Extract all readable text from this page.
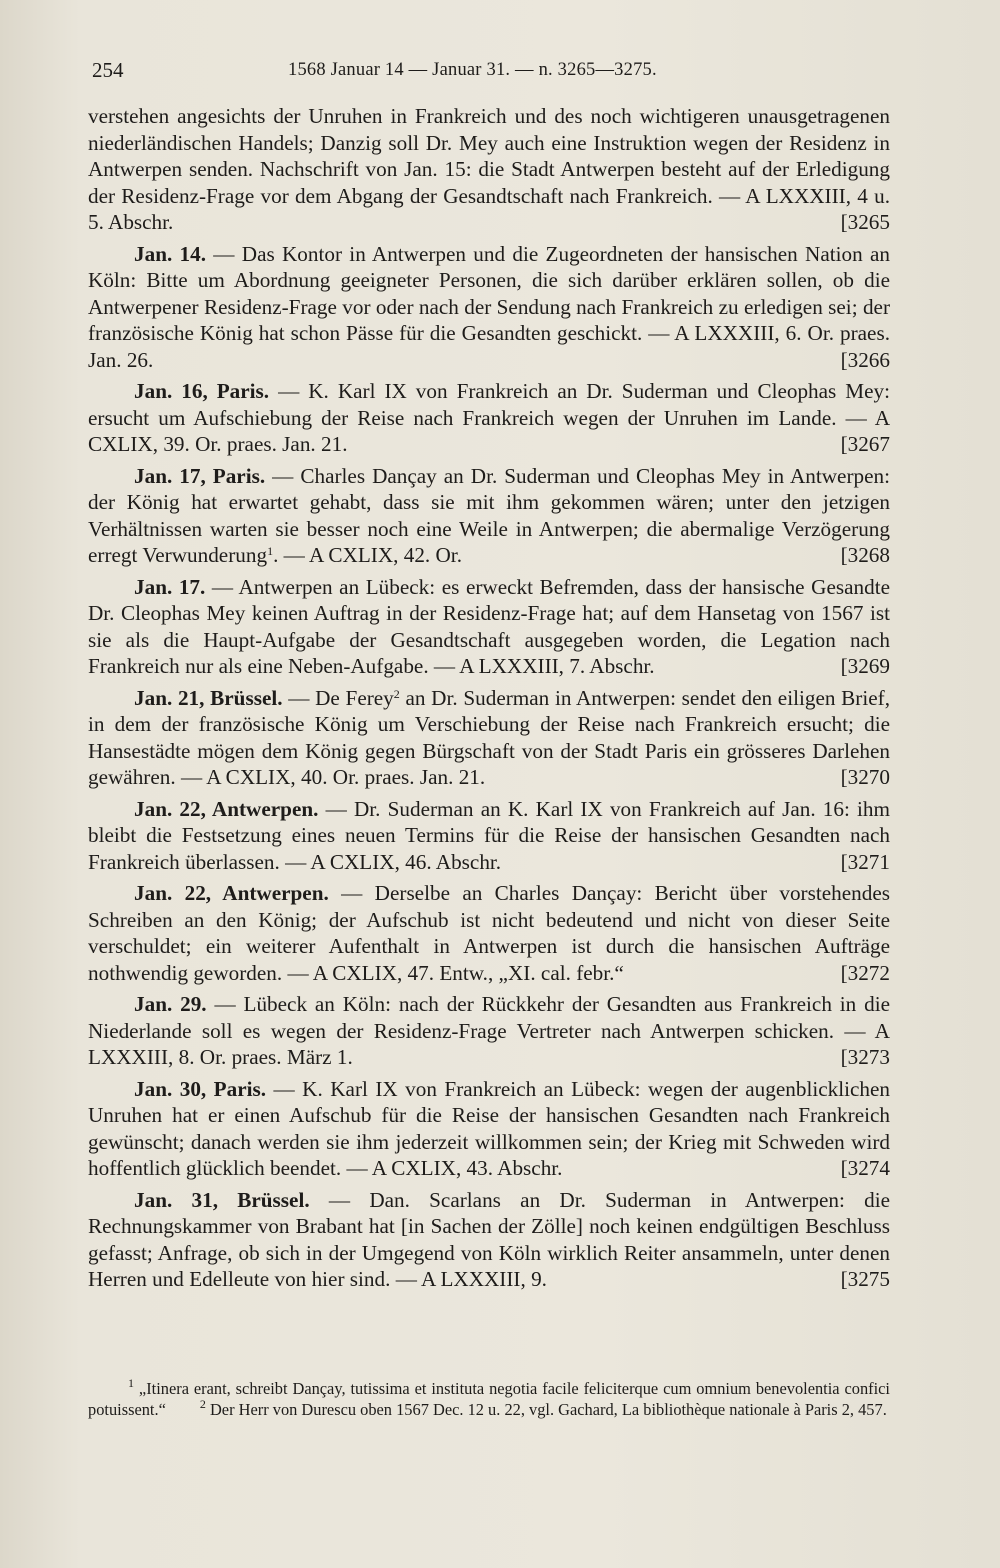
254	1568 Januar 14 — Januar 31. — n. 3265—3275.
verstehen angesichts der Unruhen in Frankreich und des noch wichtigeren unausgetragenen niederländischen Handels; Danzig soll Dr. Mey auch eine Instruktion wegen der Residenz in Antwerpen senden. Nachschrift von Jan. 15: die Stadt Antwerpen besteht auf der Erledigung der Residenz-Frage vor dem Abgang der Gesandtschaft nach Frankreich. — A LXXXIII, 4 u. 5. Abschr.	[3265
Jan. 14. — Das Kontor in Antwerpen und die Zugeordneten der hansischen Nation an Köln: Bitte um Abordnung geeigneter Personen, die sich darüber erklären sollen, ob die Antwerpener Residenz-Frage vor oder nach der Sendung nach Frankreich zu erledigen sei; der französische König hat schon Pässe für die Gesandten geschickt. — A LXXXIII, 6. Or. praes. Jan. 26.	[3266
Jan. 16, Paris. — K. Karl IX von Frankreich an Dr. Suderman und Cleophas Mey: ersucht um Aufschiebung der Reise nach Frankreich wegen der Unruhen im Lande. — A CXLIX, 39. Or. praes. Jan. 21.	[3267
Jan. 17, Paris. — Charles Dançay an Dr. Suderman und Cleophas Mey in Antwerpen: der König hat erwartet gehabt, dass sie mit ihm gekommen wären; unter den jetzigen Verhältnissen warten sie besser noch eine Weile in Antwerpen; die abermalige Verzögerung erregt Verwunderung$^1$. — A CXLIX, 42. Or.	[3268
Jan. 17. — Antwerpen an Lübeck: es erweckt Befremden, dass der hansische Gesandte Dr. Cleophas Mey keinen Auftrag in der Residenz-Frage hat; auf dem Hansetag von 1567 ist sie als die Haupt-Aufgabe der Gesandtschaft ausgegeben worden, die Legation nach Frankreich nur als eine Neben-Aufgabe. — A LXXXIII, 7. Abschr.	[3269
Jan. 21, Brüssel. — De Ferey$^2$ an Dr. Suderman in Antwerpen: sendet den eiligen Brief, in dem der französische König um Verschiebung der Reise nach Frankreich ersucht; die Hansestädte mögen dem König gegen Bürgschaft von der Stadt Paris ein grösseres Darlehen gewähren. — A CXLIX, 40. Or. praes. Jan. 21.	[3270
Jan. 22, Antwerpen. — Dr. Suderman an K. Karl IX von Frankreich auf Jan. 16: ihm bleibt die Festsetzung eines neuen Termins für die Reise der hansischen Gesandten nach Frankreich überlassen. — A CXLIX, 46. Abschr.	[3271
Jan. 22, Antwerpen. — Derselbe an Charles Dançay: Bericht über vorstehendes Schreiben an den König; der Aufschub ist nicht bedeutend und nicht von dieser Seite verschuldet; ein weiterer Aufenthalt in Antwerpen ist durch die hansischen Aufträge nothwendig geworden. — A CXLIX, 47. Entw., „XI. cal. febr.“	[3272
Jan. 29. — Lübeck an Köln: nach der Rückkehr der Gesandten aus Frankreich in die Niederlande soll es wegen der Residenz-Frage Vertreter nach Antwerpen schicken. — A LXXXIII, 8. Or. praes. März 1.	[3273
Jan. 30, Paris. — K. Karl IX von Frankreich an Lübeck: wegen der augenblicklichen Unruhen hat er einen Aufschub für die Reise der hansischen Gesandten nach Frankreich gewünscht; danach werden sie ihm jederzeit willkommen sein; der Krieg mit Schweden wird hoffentlich glücklich beendet. — A CXLIX, 43. Abschr.	[3274
Jan. 31, Brüssel. — Dan. Scarlans an Dr. Suderman in Antwerpen: die Rechnungskammer von Brabant hat [in Sachen der Zölle] noch keinen endgültigen Beschluss gefasst; Anfrage, ob sich in der Umgegend von Köln wirklich Reiter ansammeln, unter denen Herren und Edelleute von hier sind. — A LXXXIII, 9.	[3275

$^1$ „Itinera erant, schreibt Dançay, tutissima et instituta negotia facile feliciterque cum omnium benevolentia confici potuissent.“	$^2$ Der Herr von Durescu oben 1567 Dec. 12 u. 22, vgl. Gachard, La bibliothèque nationale à Paris 2, 457.
